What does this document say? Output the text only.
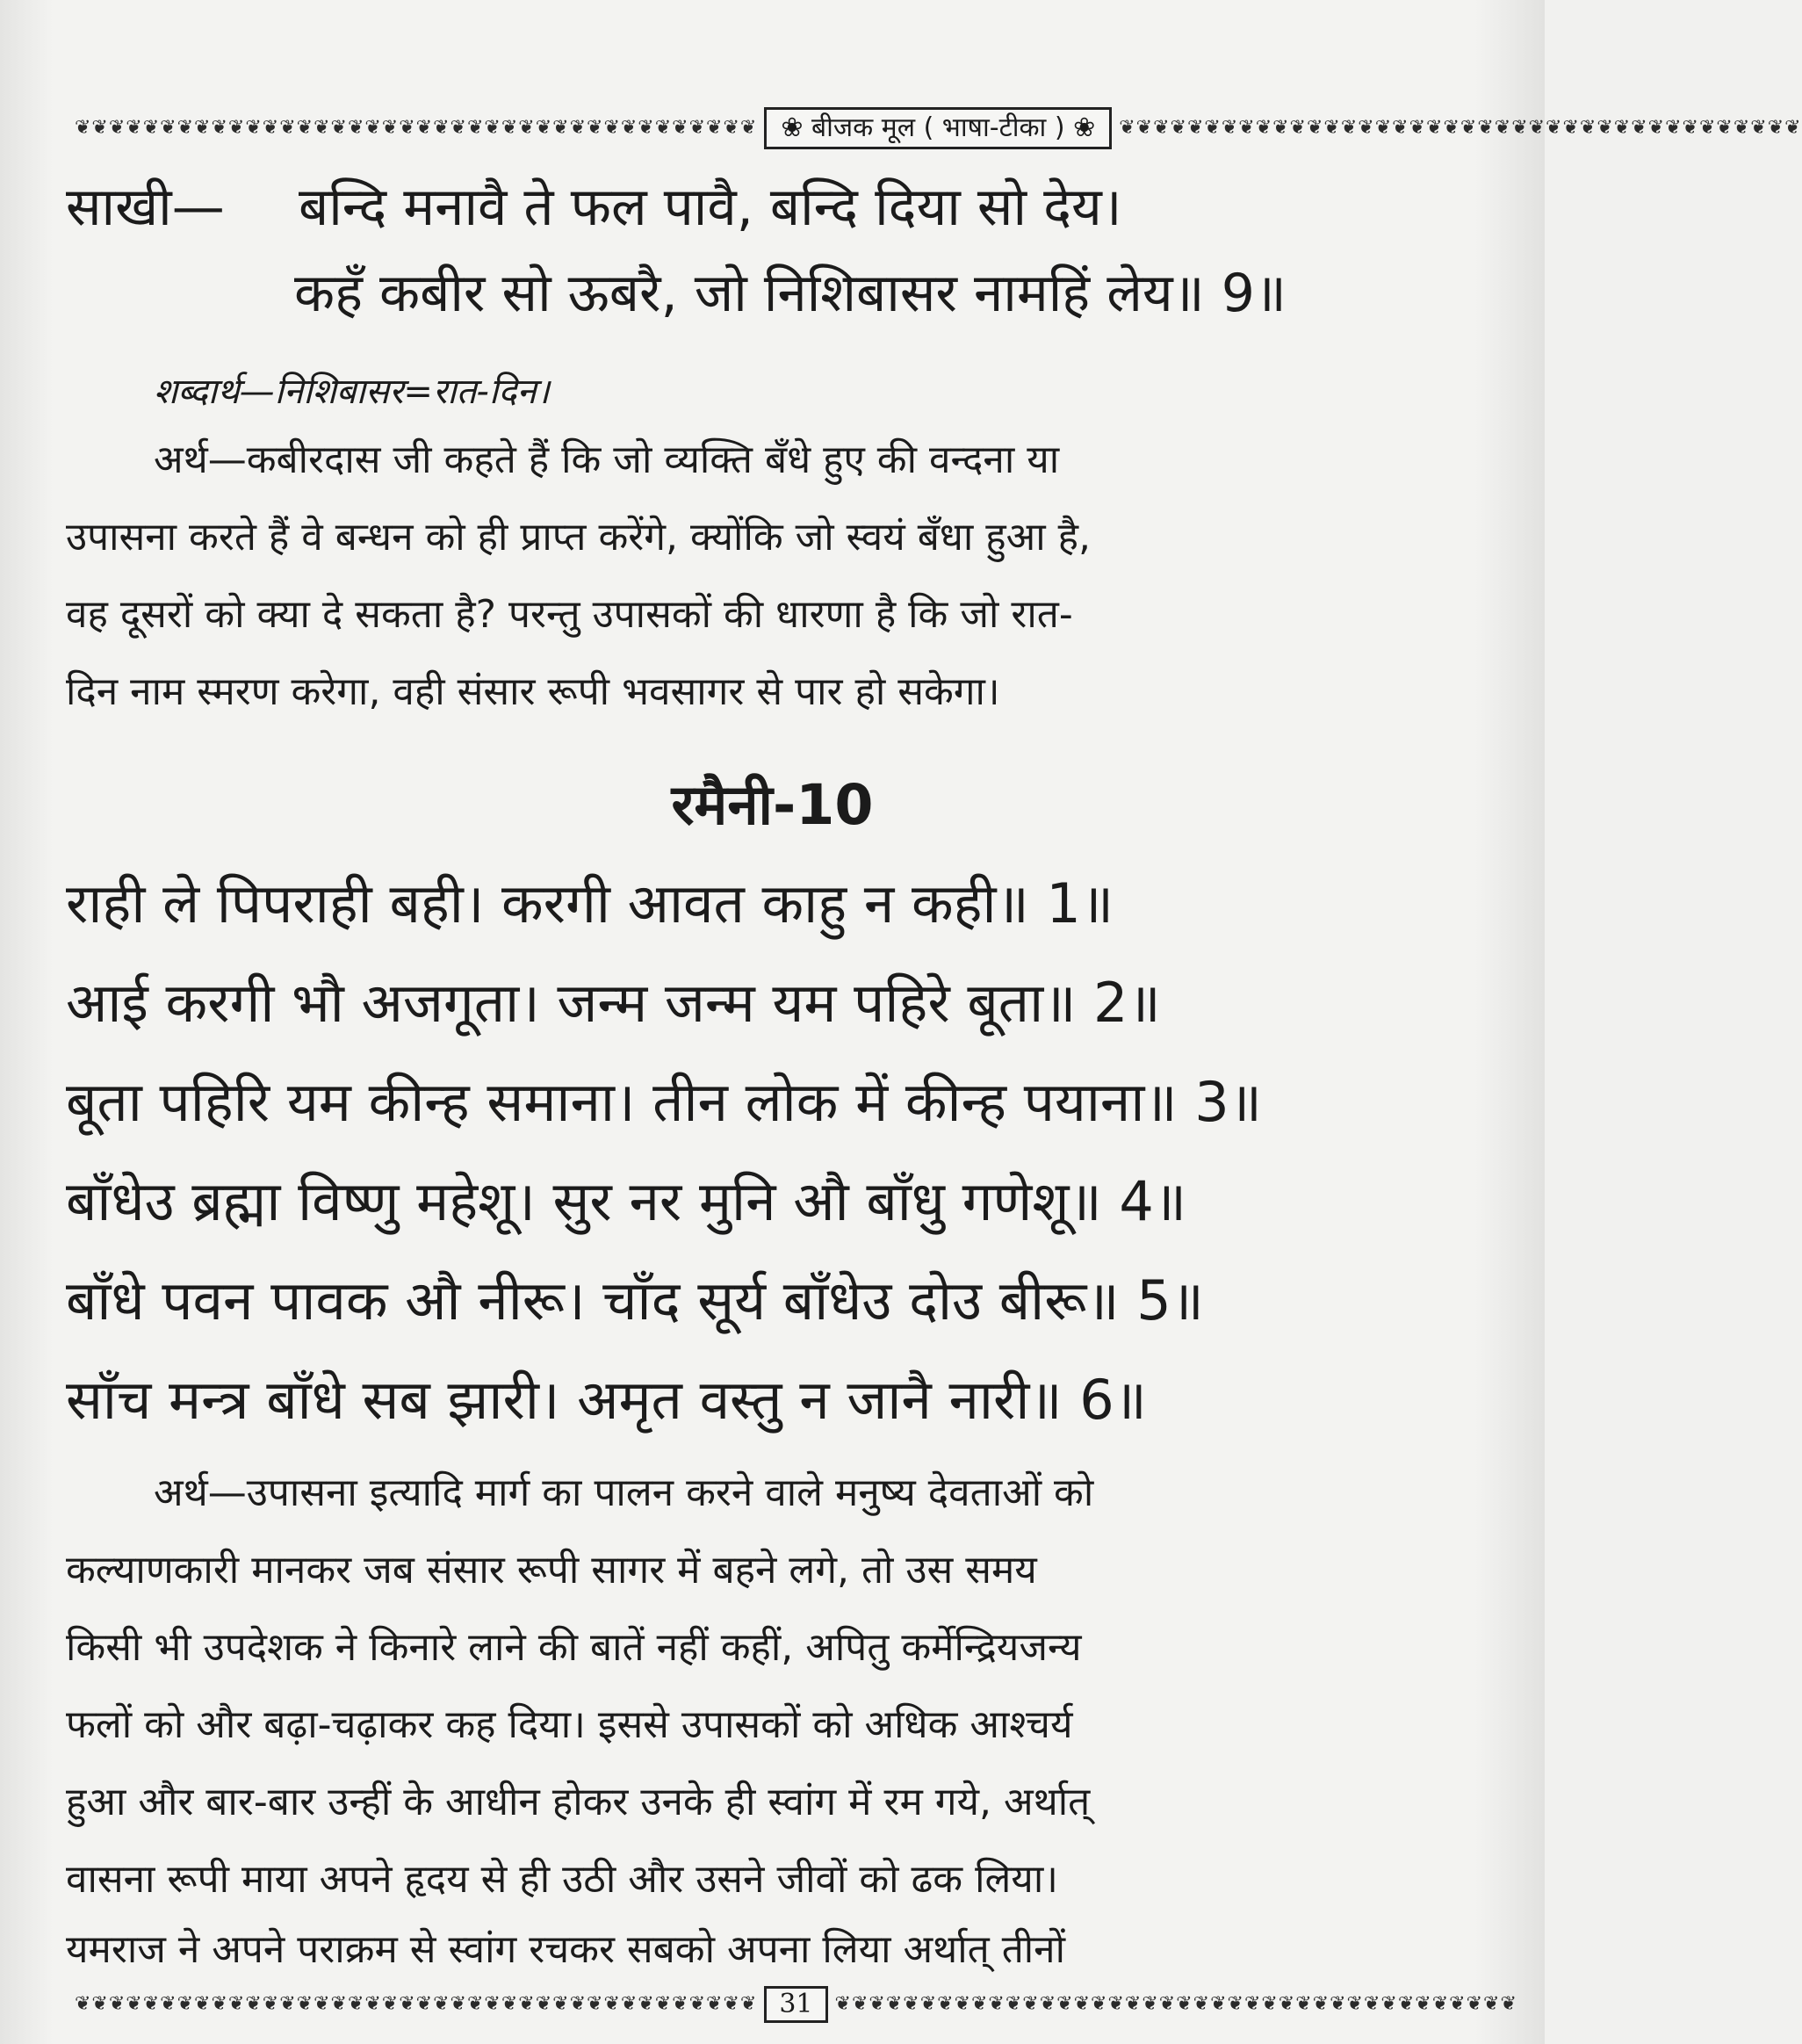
❦❦❦❦❦❦❦❦❦❦❦❦❦❦❦❦❦❦❦❦❦❦❦❦❦❦❦❦❦❦❦❦❦❦❦❦❦❦❦❦ ❀ बीजक मूल ( भाषा-टीका ) ❀	❦❦❦❦❦❦❦❦❦❦❦❦❦❦❦❦❦❦❦❦❦❦❦❦❦❦❦❦❦❦❦❦❦❦❦❦❦❦❦❦
साखी— बन्दि मनावै ते फल पावै, बन्दि दिया सो देय।
कहँ कबीर सो ऊबरै, जो निशिबासर नामहिं लेय॥ 9॥
शब्दार्थ—निशिबासर=रात-दिन।
अर्थ—कबीरदास जी कहते हैं कि जो व्यक्ति बँधे हुए की वन्दना या
उपासना करते हैं वे बन्धन को ही प्राप्त करेंगे, क्योंकि जो स्वयं बँधा हुआ है,
वह दूसरों को क्या दे सकता है? परन्तु उपासकों की धारणा है कि जो रात-
दिन नाम स्मरण करेगा, वही संसार रूपी भवसागर से पार हो सकेगा।
रमैनी-10
राही ले पिपराही बही। करगी आवत काहु न कही॥ 1॥
आई करगी भौ अजगूता। जन्म जन्म यम पहिरे बूता॥ 2॥
बूता पहिरि यम कीन्ह समाना। तीन लोक में कीन्ह पयाना॥ 3॥
बाँधेउ ब्रह्मा विष्णु महेशू। सुर नर मुनि औ बाँधु गणेशू॥ 4॥
बाँधे पवन पावक औ नीरू। चाँद सूर्य बाँधेउ दोउ बीरू॥ 5॥
साँच मन्त्र बाँधे सब झारी। अमृत वस्तु न जानै नारी॥ 6॥
अर्थ—उपासना इत्यादि मार्ग का पालन करने वाले मनुष्य देवताओं को
कल्याणकारी मानकर जब संसार रूपी सागर में बहने लगे, तो उस समय
किसी भी उपदेशक ने किनारे लाने की बातें नहीं कहीं, अपितु कर्मेन्द्रियजन्य
फलों को और बढ़ा-चढ़ाकर कह दिया। इससे उपासकों को अधिक आश्चर्य
हुआ और बार-बार उन्हीं के आधीन होकर उनके ही स्वांग में रम गये, अर्थात्
वासना रूपी माया अपने हृदय से ही उठी और उसने जीवों को ढक लिया।
यमराज ने अपने पराक्रम से स्वांग रचकर सबको अपना लिया अर्थात् तीनों
❦❦❦❦❦❦❦❦❦❦❦❦❦❦❦❦❦❦❦❦❦❦❦❦❦❦❦❦❦❦❦❦❦❦❦❦❦❦❦❦ 31	❦❦❦❦❦❦❦❦❦❦❦❦❦❦❦❦❦❦❦❦❦❦❦❦❦❦❦❦❦❦❦❦❦❦❦❦❦❦❦❦
